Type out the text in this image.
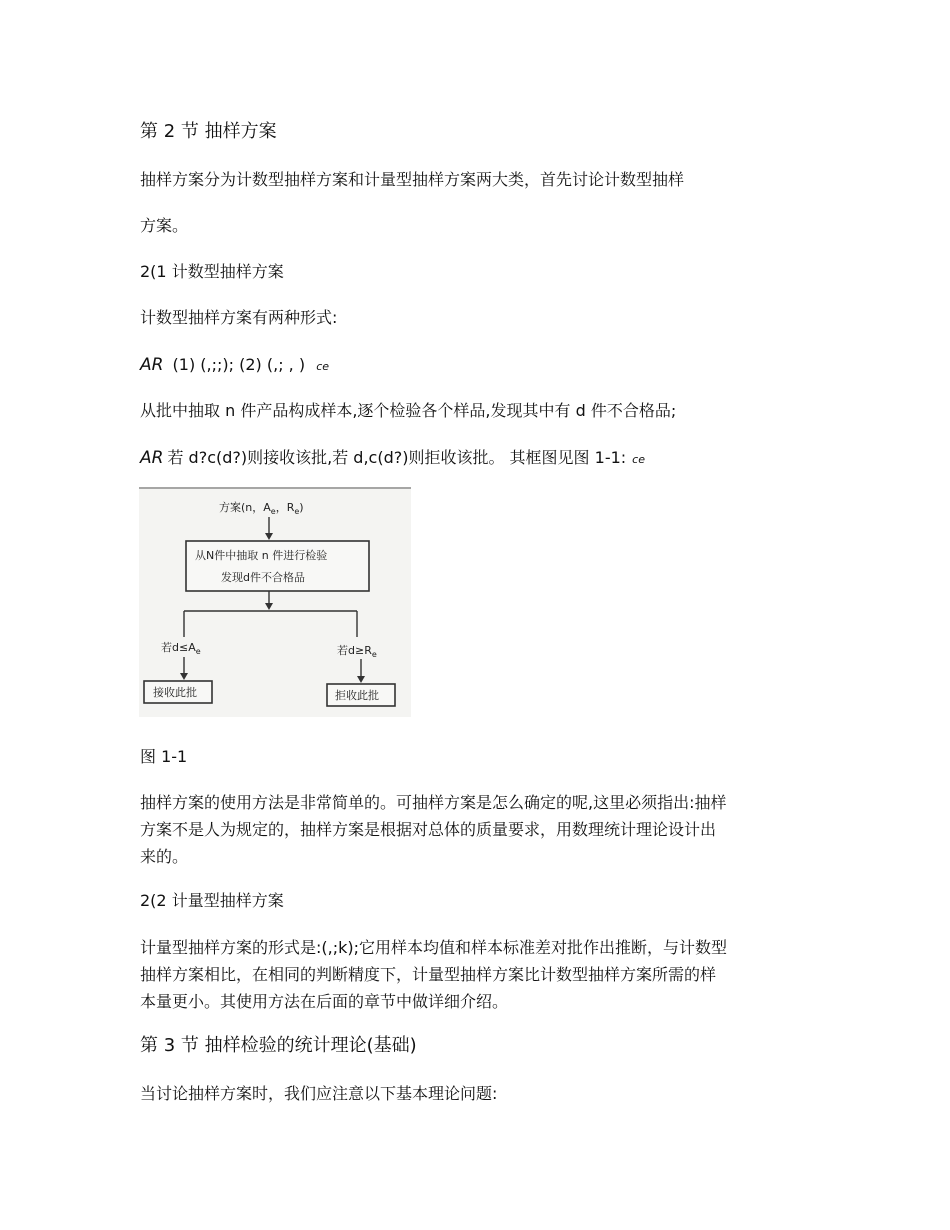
第 2 节 抽样方案
抽样方案分为计数型抽样方案和计量型抽样方案两大类，首先讨论计数型抽样
方案。
2(1 计数型抽样方案
计数型抽样方案有两种形式:
AR (1) (,;;); (2) (,; , ) ce
从批中抽取 n 件产品构成样本,逐个检验各个样品,发现其中有 d 件不合格品;
AR 若 d?c(d?)则接收该批,若 d,c(d?)则拒收该批。 其框图见图 1-1: ce
方案(n，$A_e$，$R_e$)
从N件中抽取 n 件进行检验
发现d件不合格品
若$d\le A_e$	若$d\ge R_e$
接收此批	拒收此批
图 1-1
抽样方案的使用方法是非常简单的。可抽样方案是怎么确定的呢,这里必须指出:抽样
方案不是人为规定的，抽样方案是根据对总体的质量要求，用数理统计理论设计出
来的。
2(2 计量型抽样方案
计量型抽样方案的形式是:(,;k);它用样本均值和样本标准差对批作出推断，与计数型
抽样方案相比，在相同的判断精度下，计量型抽样方案比计数型抽样方案所需的样
本量更小。其使用方法在后面的章节中做详细介绍。
第 3 节 抽样检验的统计理论(基础)
当讨论抽样方案时，我们应注意以下基本理论问题:
